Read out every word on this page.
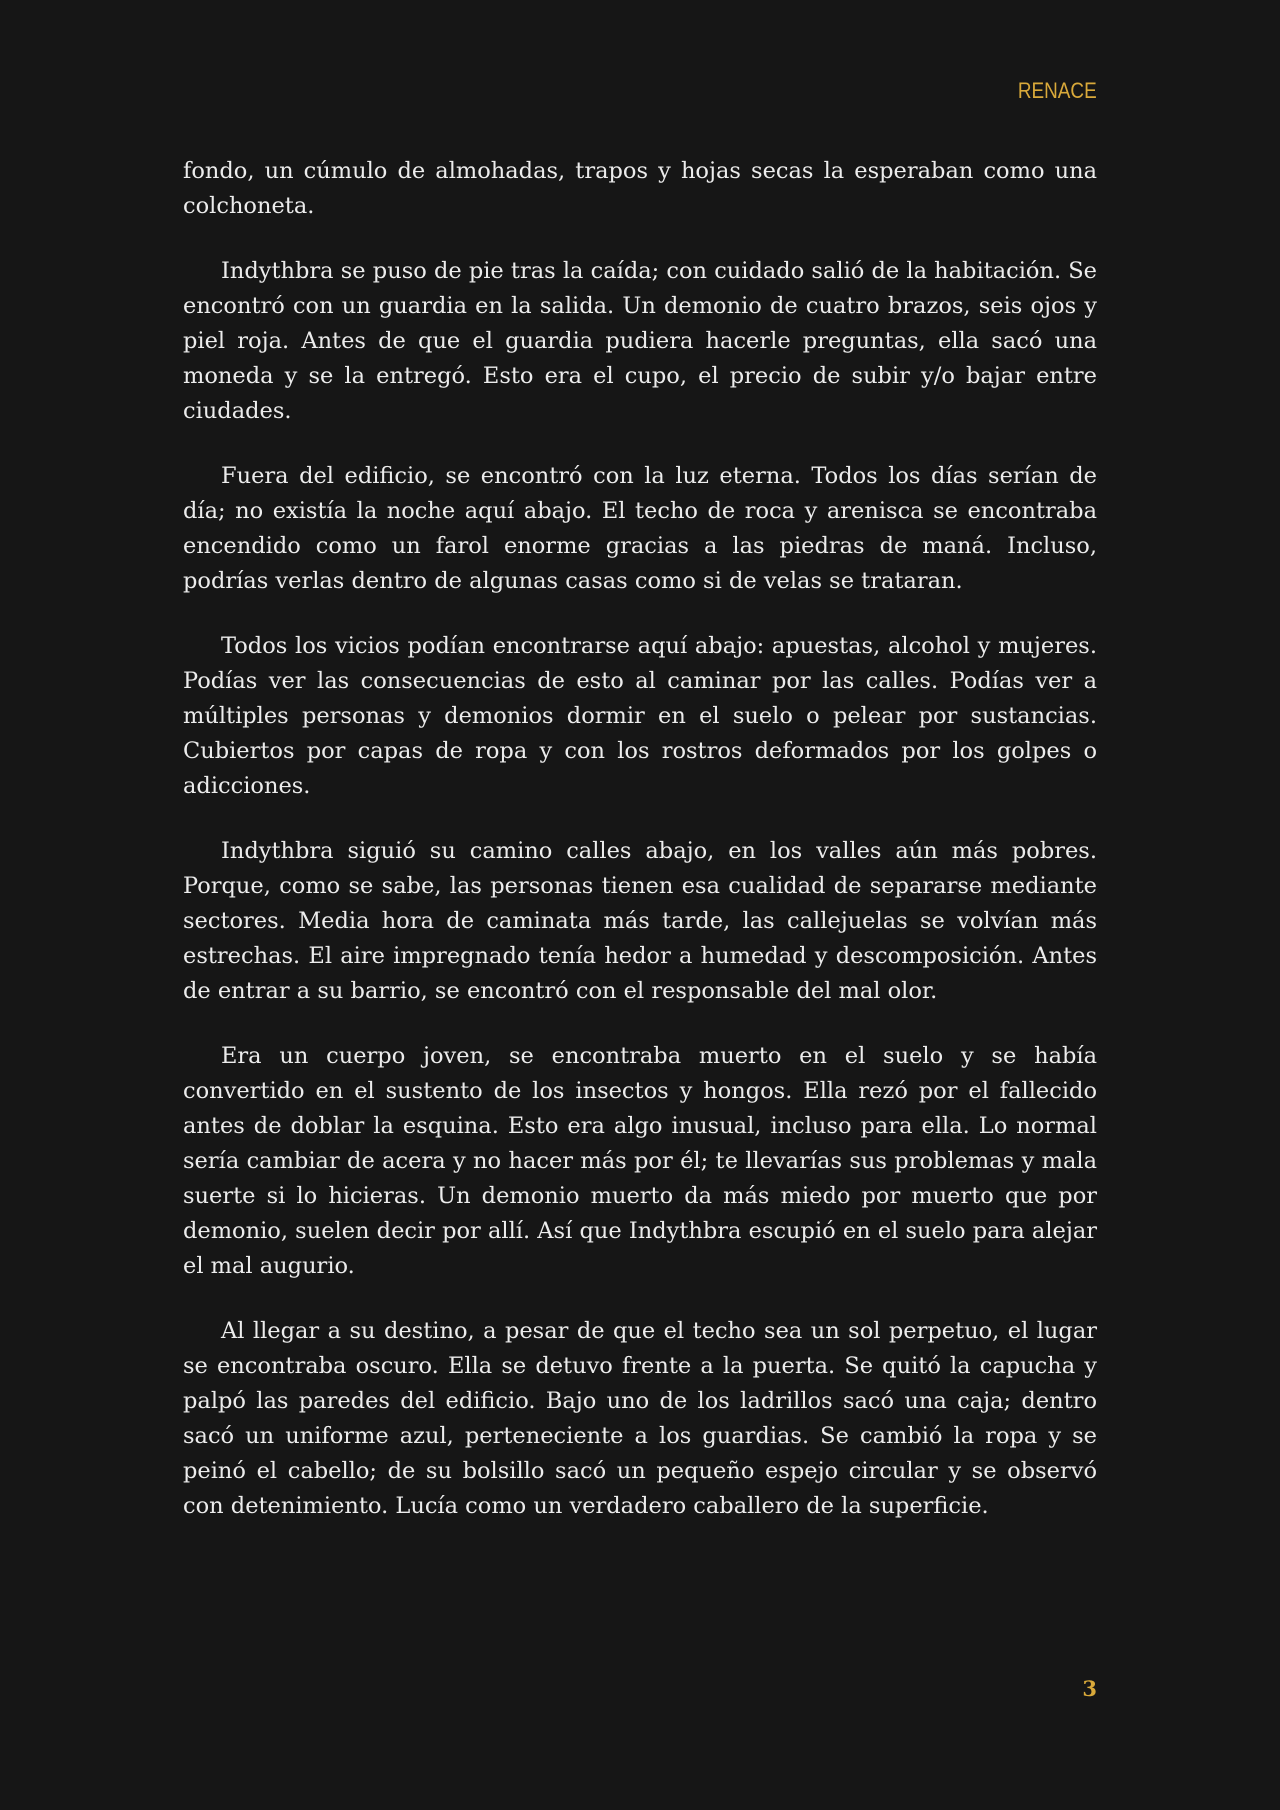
RENACE

fondo, un cúmulo de almohadas, trapos y hojas secas la esperaban como una colchoneta.

Indythbra se puso de pie tras la caída; con cuidado salió de la habitación. Se encontró con un guardia en la salida. Un demonio de cuatro brazos, seis ojos y piel roja. Antes de que el guardia pudiera hacerle preguntas, ella sacó una moneda y se la entregó. Esto era el cupo, el precio de subir y/o bajar entre ciudades.

Fuera del edificio, se encontró con la luz eterna. Todos los días serían de día; no existía la noche aquí abajo. El techo de roca y arenisca se encontraba encendido como un farol enorme gracias a las piedras de maná. Incluso, podrías verlas dentro de algunas casas como si de velas se trataran.

Todos los vicios podían encontrarse aquí abajo: apuestas, alcohol y mujeres. Podías ver las consecuencias de esto al caminar por las calles. Podías ver a múltiples personas y demonios dormir en el suelo o pelear por sustancias. Cubiertos por capas de ropa y con los rostros deformados por los golpes o adicciones.

Indythbra siguió su camino calles abajo, en los valles aún más pobres. Porque, como se sabe, las personas tienen esa cualidad de separarse mediante sectores. Media hora de caminata más tarde, las callejuelas se volvían más estrechas. El aire impregnado tenía hedor a humedad y descomposición. Antes de entrar a su barrio, se encontró con el responsable del mal olor.

Era un cuerpo joven, se encontraba muerto en el suelo y se había convertido en el sustento de los insectos y hongos. Ella rezó por el fallecido antes de doblar la esquina. Esto era algo inusual, incluso para ella. Lo normal sería cambiar de acera y no hacer más por él; te llevarías sus problemas y mala suerte si lo hicieras. Un demonio muerto da más miedo por muerto que por demonio, suelen decir por allí. Así que Indythbra escupió en el suelo para alejar el mal augurio.

Al llegar a su destino, a pesar de que el techo sea un sol perpetuo, el lugar se encontraba oscuro. Ella se detuvo frente a la puerta. Se quitó la capucha y palpó las paredes del edificio. Bajo uno de los ladrillos sacó una caja; dentro sacó un uniforme azul, perteneciente a los guardias. Se cambió la ropa y se peinó el cabello; de su bolsillo sacó un pequeño espejo circular y se observó con detenimiento. Lucía como un verdadero caballero de la superficie.

3
